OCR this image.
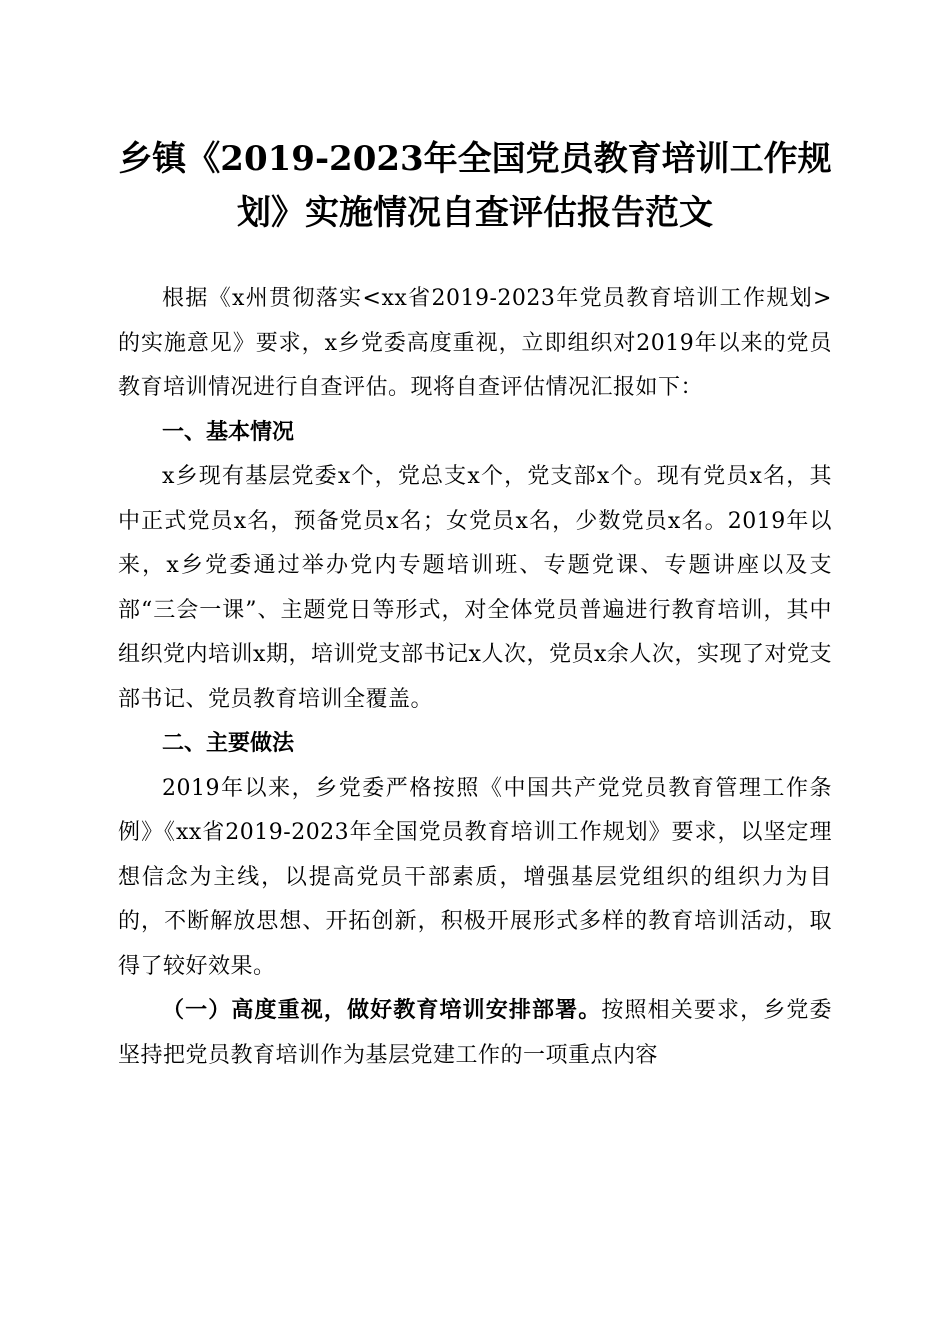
乡镇《2019-2023年全国党员教育培训工作规
划》实施情况自查评估报告范文

根据《x州贯彻落实<xx省2019-2023年党员教育培训工作规划>的实施意见》要求，x乡党委高度重视，立即组织对2019年以来的党员教育培训情况进行自查评估。现将自查评估情况汇报如下：

一、基本情况

x乡现有基层党委x个，党总支x个，党支部x个。现有党员x名，其中正式党员x名，预备党员x名；女党员x名，少数党员x名。2019年以来，x乡党委通过举办党内专题培训班、专题党课、专题讲座以及支部“三会一课”、主题党日等形式，对全体党员普遍进行教育培训，其中组织党内培训x期，培训党支部书记x人次，党员x余人次，实现了对党支部书记、党员教育培训全覆盖。

二、主要做法

2019年以来，乡党委严格按照《中国共产党党员教育管理工作条例》《xx省2019-2023年全国党员教育培训工作规划》要求，以坚定理想信念为主线，以提高党员干部素质，增强基层党组织的组织力为目的，不断解放思想、开拓创新，积极开展形式多样的教育培训活动，取得了较好效果。

（一）高度重视，做好教育培训安排部署。按照相关要求，乡党委坚持把党员教育培训作为基层党建工作的一项重点内容
